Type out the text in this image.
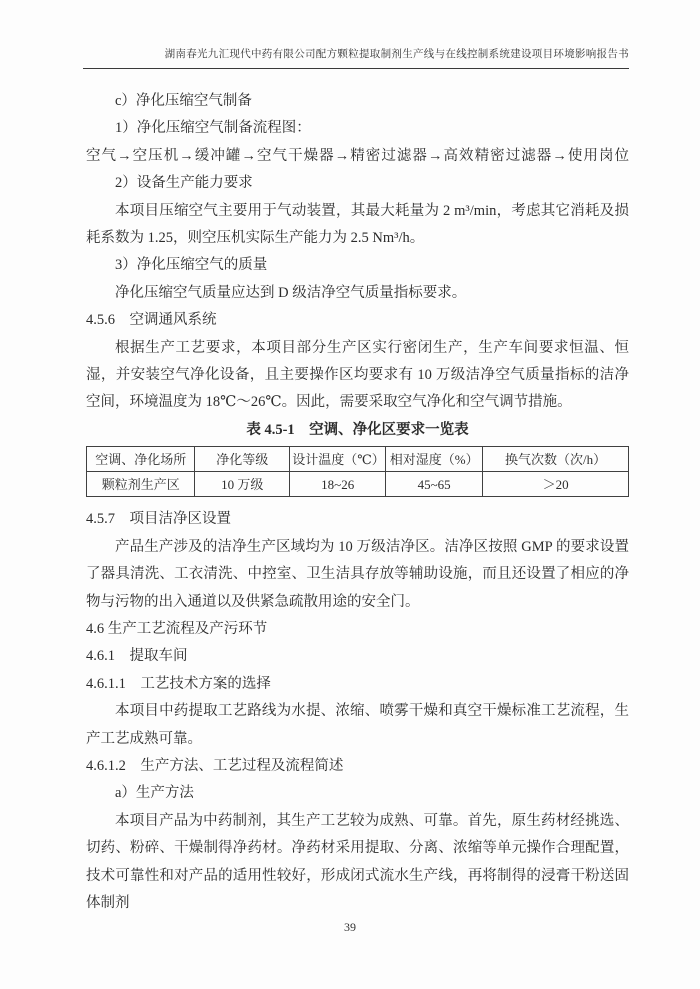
湖南春光九汇现代中药有限公司配方颗粒提取制剂生产线与在线控制系统建设项目环境影响报告书

c）净化压缩空气制备

1）净化压缩空气制备流程图：

空气→空压机→缓冲罐→空气干燥器→精密过滤器→高效精密过滤器→使用岗位

2）设备生产能力要求

本项目压缩空气主要用于气动装置，其最大耗量为 2 m³/min，考虑其它消耗及损耗系数为 1.25，则空压机实际生产能力为 2.5 Nm³/h。

3）净化压缩空气的质量

净化压缩空气质量应达到 D 级洁净空气质量指标要求。

4.5.6　空调通风系统

根据生产工艺要求，本项目部分生产区实行密闭生产，生产车间要求恒温、恒湿，并安装空气净化设备，且主要操作区均要求有 10 万级洁净空气质量指标的洁净空间，环境温度为 18℃～26℃。因此，需要采取空气净化和空气调节措施。

表 4.5-1　空调、净化区要求一览表

空调、净化场所	净化等级	设计温度（℃）	相对湿度（%）	换气次数（次/h）
颗粒剂生产区	10 万级	18~26	45~65	＞20

4.5.7　项目洁净区设置

产品生产涉及的洁净生产区域均为 10 万级洁净区。洁净区按照 GMP 的要求设置了器具清洗、工衣清洗、中控室、卫生洁具存放等辅助设施，而且还设置了相应的净物与污物的出入通道以及供紧急疏散用途的安全门。

4.6 生产工艺流程及产污环节

4.6.1　提取车间

4.6.1.1　工艺技术方案的选择

本项目中药提取工艺路线为水提、浓缩、喷雾干燥和真空干燥标准工艺流程，生产工艺成熟可靠。

4.6.1.2　生产方法、工艺过程及流程简述

a）生产方法

本项目产品为中药制剂，其生产工艺较为成熟、可靠。首先，原生药材经挑选、切药、粉碎、干燥制得净药材。净药材采用提取、分离、浓缩等单元操作合理配置，技术可靠性和对产品的适用性较好，形成闭式流水生产线，再将制得的浸膏干粉送固体制剂

39
